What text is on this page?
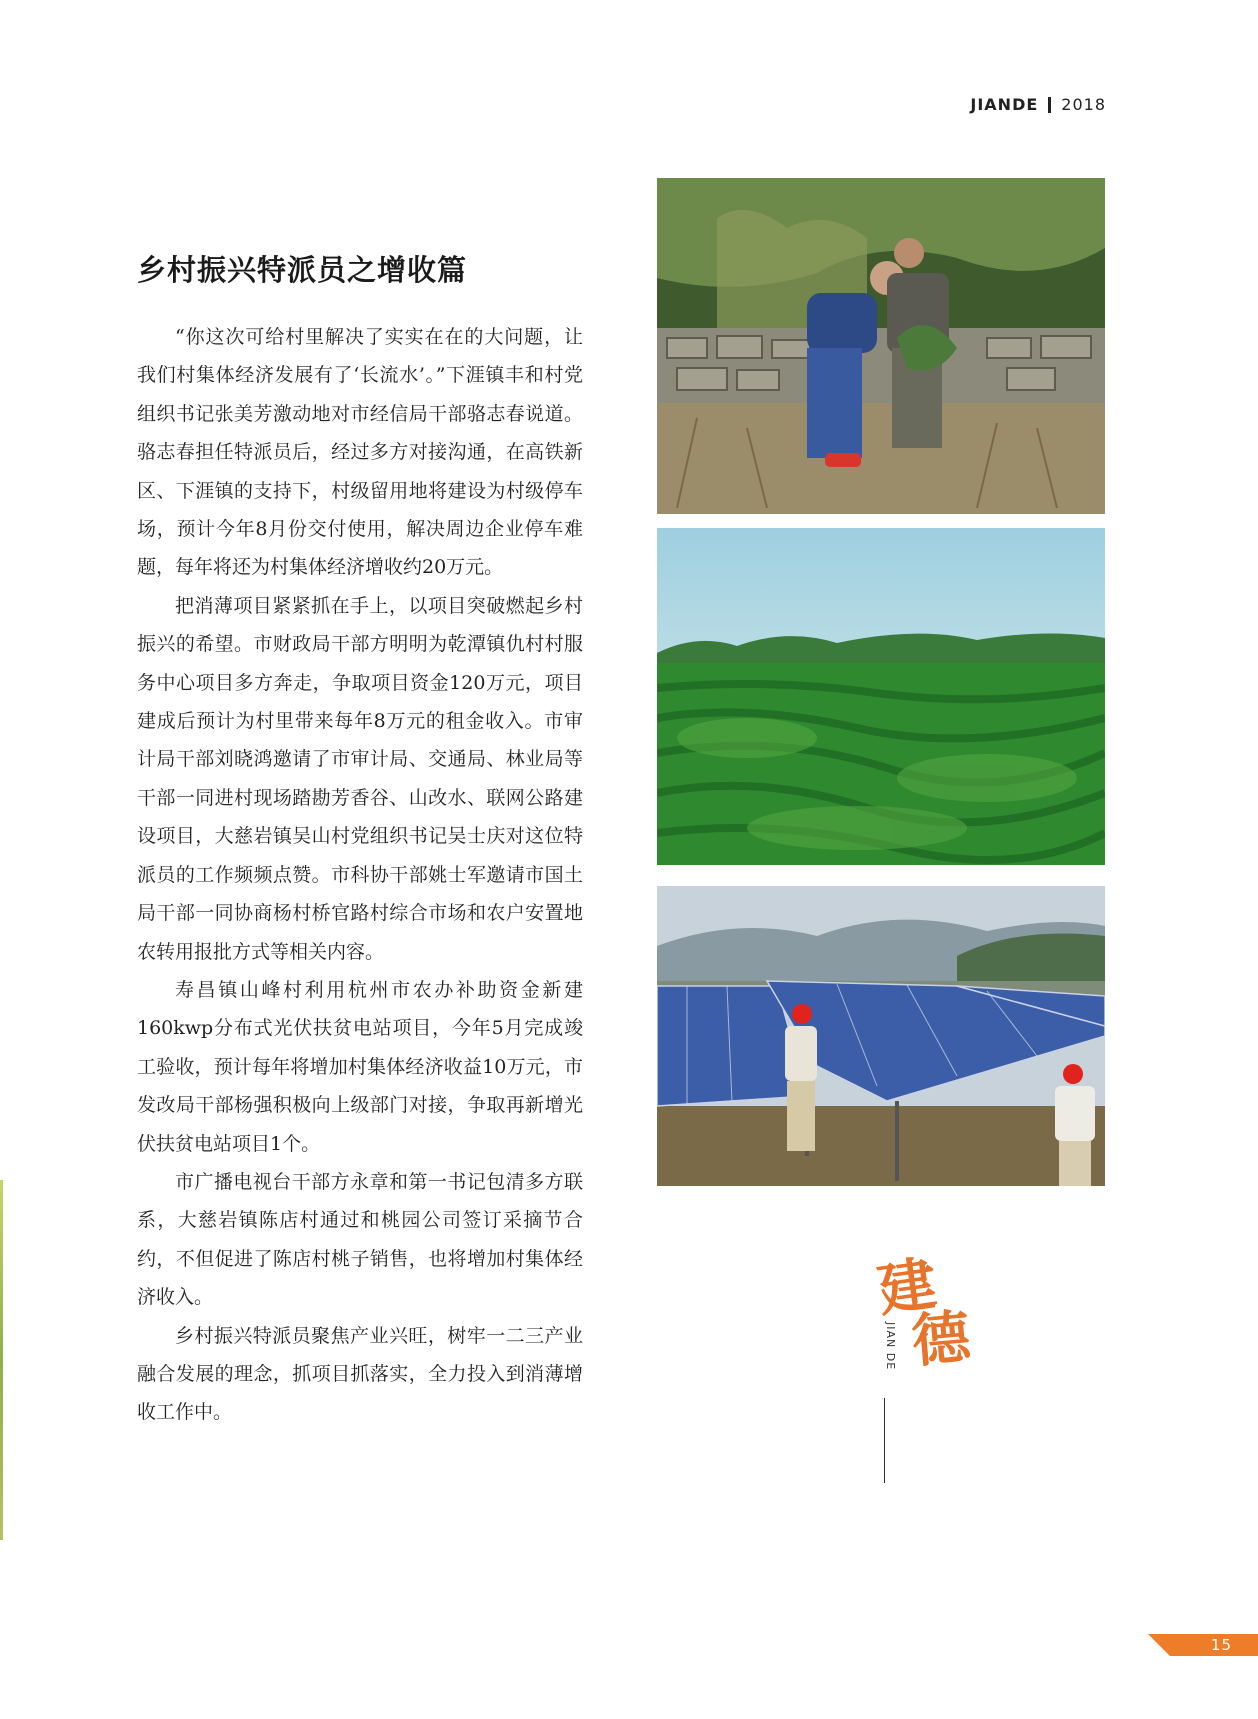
JIANDE 2018
乡村振兴特派员之增收篇

“你这次可给村里解决了实实在在的大问题，让我们村集体经济发展有了‘长流水’。”下涯镇丰和村党组织书记张美芳激动地对市经信局干部骆志春说道。骆志春担任特派员后，经过多方对接沟通，在高铁新区、下涯镇的支持下，村级留用地将建设为村级停车场，预计今年8月份交付使用，解决周边企业停车难题，每年将还为村集体经济增收约20万元。

把消薄项目紧紧抓在手上，以项目突破燃起乡村振兴的希望。市财政局干部方明明为乾潭镇仇村村服务中心项目多方奔走，争取项目资金120万元，项目建成后预计为村里带来每年8万元的租金收入。市审计局干部刘晓鸿邀请了市审计局、交通局、林业局等干部一同进村现场踏勘芳香谷、山改水、联网公路建设项目，大慈岩镇吴山村党组织书记吴士庆对这位特派员的工作频频点赞。市科协干部姚士军邀请市国土局干部一同协商杨村桥官路村综合市场和农户安置地农转用报批方式等相关内容。

寿昌镇山峰村利用杭州市农办补助资金新建160kwp分布式光伏扶贫电站项目，今年5月完成竣工验收，预计每年将增加村集体经济收益10万元，市发改局干部杨强积极向上级部门对接，争取再新增光伏扶贫电站项目1个。

市广播电视台干部方永章和第一书记包清多方联系，大慈岩镇陈店村通过和桃园公司签订采摘节合约，不但促进了陈店村桃子销售，也将增加村集体经济收入。

乡村振兴特派员聚焦产业兴旺，树牢一二三产业融合发展的理念，抓项目抓落实，全力投入到消薄增收工作中。

建
德
JIAN DE
15
